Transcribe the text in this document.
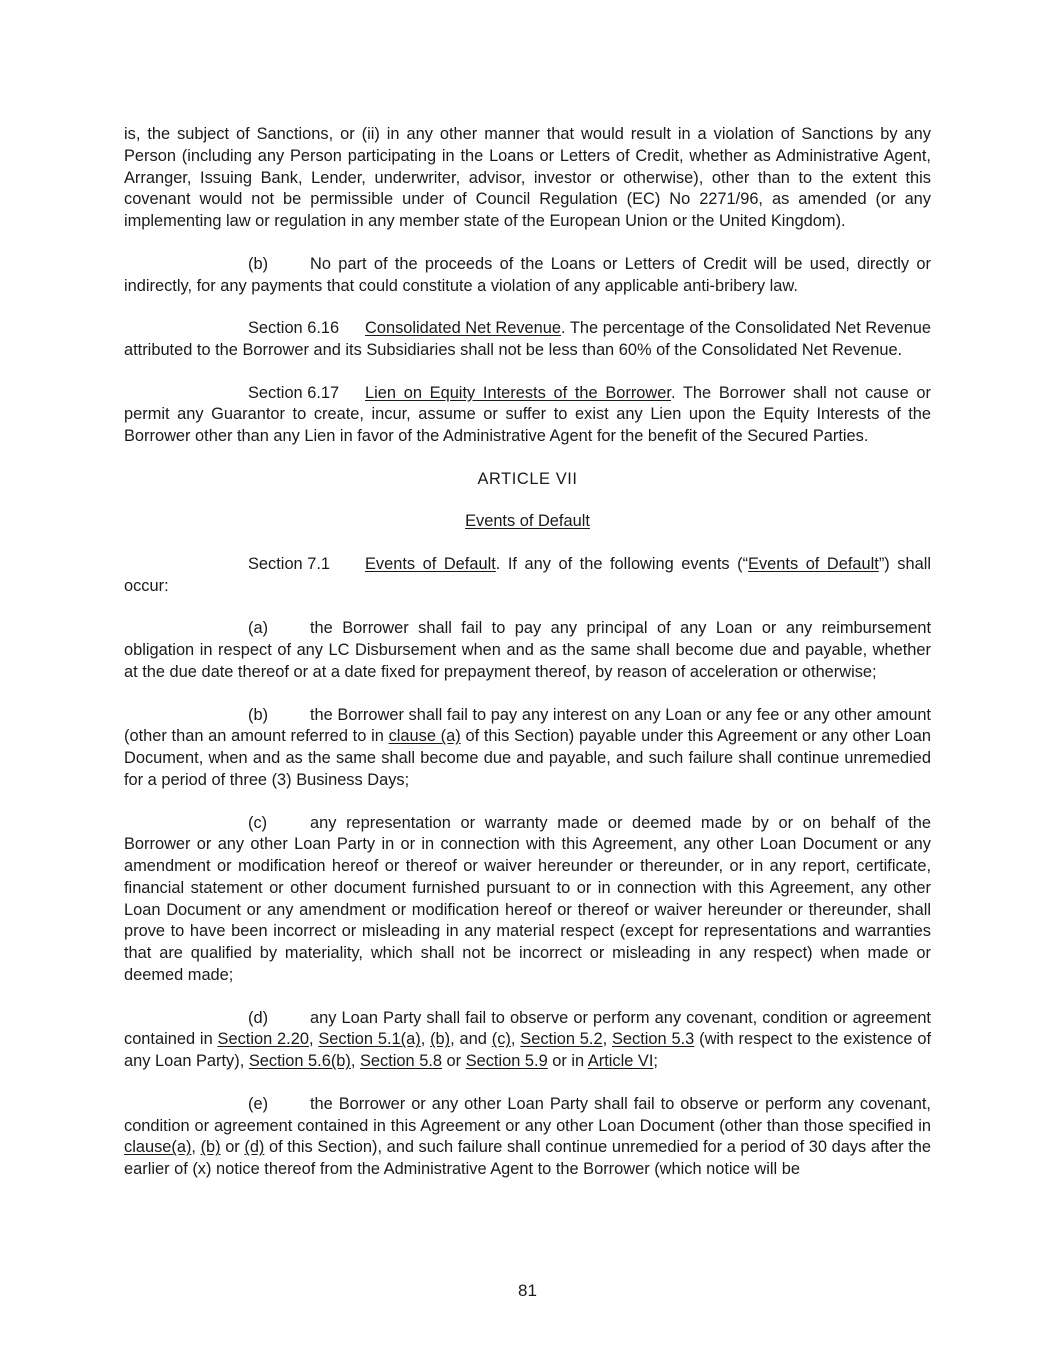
is, the subject of Sanctions, or (ii) in any other manner that would result in a violation of Sanctions by any Person (including any Person participating in the Loans or Letters of Credit, whether as Administrative Agent, Arranger, Issuing Bank, Lender, underwriter, advisor, investor or otherwise), other than to the extent this covenant would not be permissible under of Council Regulation (EC) No 2271/96, as amended (or any implementing law or regulation in any member state of the European Union or the United Kingdom).

(b)	No part of the proceeds of the Loans or Letters of Credit will be used, directly or indirectly, for any payments that could constitute a violation of any applicable anti-bribery law.

Section 6.16 Consolidated Net Revenue. The percentage of the Consolidated Net Revenue attributed to the Borrower and its Subsidiaries shall not be less than 60% of the Consolidated Net Revenue.

Section 6.17 Lien on Equity Interests of the Borrower. The Borrower shall not cause or permit any Guarantor to create, incur, assume or suffer to exist any Lien upon the Equity Interests of the Borrower other than any Lien in favor of the Administrative Agent for the benefit of the Secured Parties.

ARTICLE VII

Events of Default

Section 7.1 Events of Default. If any of the following events (“Events of Default”) shall occur:

(a)	the Borrower shall fail to pay any principal of any Loan or any reimbursement obligation in respect of any LC Disbursement when and as the same shall become due and payable, whether at the due date thereof or at a date fixed for prepayment thereof, by reason of acceleration or otherwise;

(b)	the Borrower shall fail to pay any interest on any Loan or any fee or any other amount (other than an amount referred to in clause (a) of this Section) payable under this Agreement or any other Loan Document, when and as the same shall become due and payable, and such failure shall continue unremedied for a period of three (3) Business Days;

(c)	any representation or warranty made or deemed made by or on behalf of the Borrower or any other Loan Party in or in connection with this Agreement, any other Loan Document or any amendment or modification hereof or thereof or waiver hereunder or thereunder, or in any report, certificate, financial statement or other document furnished pursuant to or in connection with this Agreement, any other Loan Document or any amendment or modification hereof or thereof or waiver hereunder or thereunder, shall prove to have been incorrect or misleading in any material respect (except for representations and warranties that are qualified by materiality, which shall not be incorrect or misleading in any respect) when made or deemed made;

(d)	any Loan Party shall fail to observe or perform any covenant, condition or agreement contained in Section 2.20, Section 5.1(a), (b), and (c), Section 5.2, Section 5.3 (with respect to the existence of any Loan Party), Section 5.6(b), Section 5.8 or Section 5.9 or in Article VI;

(e)	the Borrower or any other Loan Party shall fail to observe or perform any covenant, condition or agreement contained in this Agreement or any other Loan Document (other than those specified in clause(a), (b) or (d) of this Section), and such failure shall continue unremedied for a period of 30 days after the earlier of (x) notice thereof from the Administrative Agent to the Borrower (which notice will be

81
